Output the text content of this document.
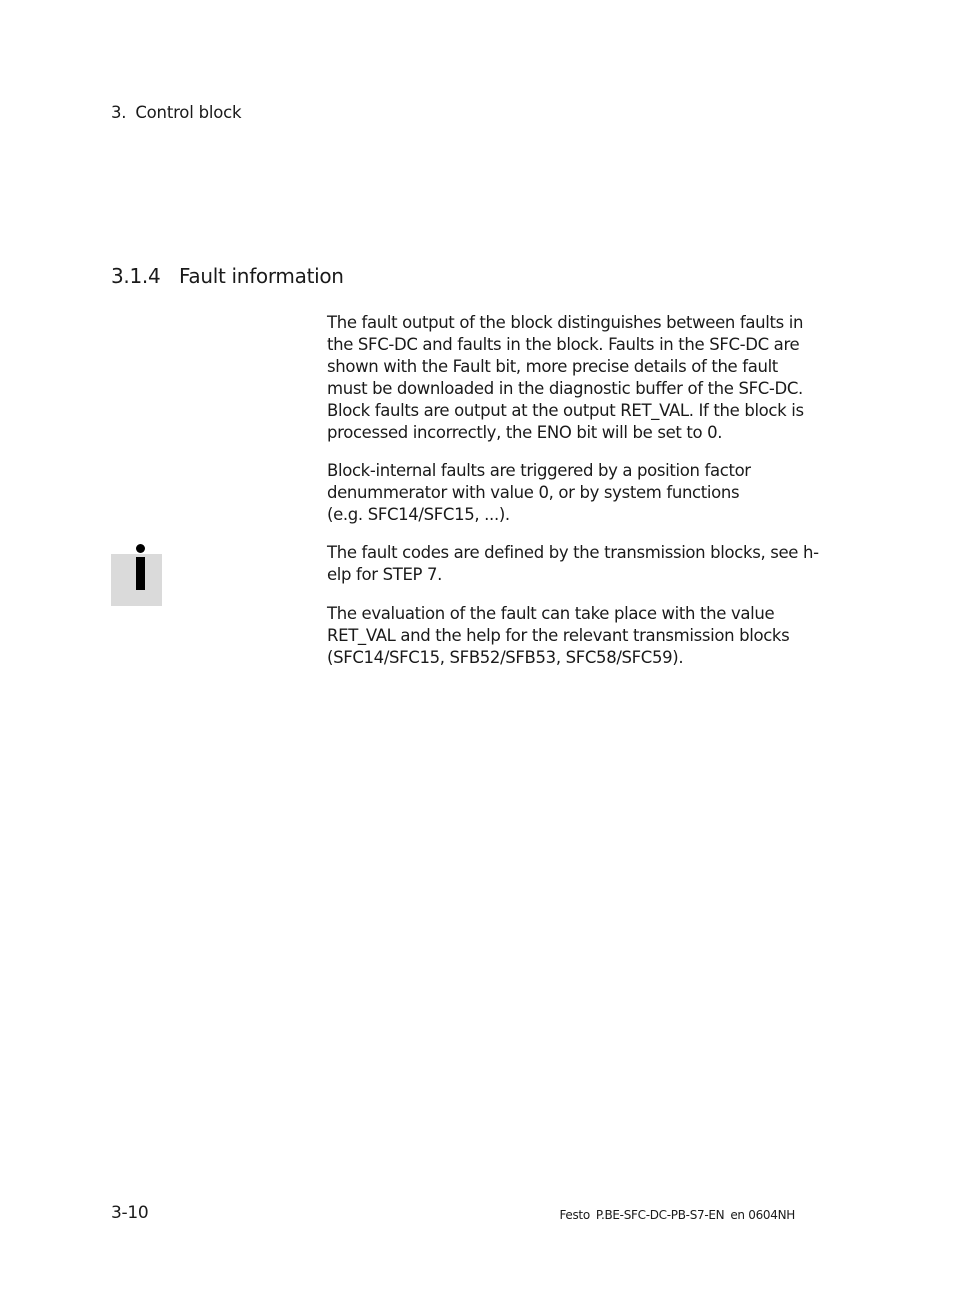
3. Control block
3.1.4 Fault information
The fault output of the block distinguishes between faults in
the SFC-DC and faults in the block. Faults in the SFC-DC are
shown with the Fault bit, more precise details of the fault
must be downloaded in the diagnostic buffer of the SFC-DC.
Block faults are output at the output RET_VAL. If the block is
processed incorrectly, the ENO bit will be set to 0.
Block-internal faults are triggered by a position factor
denummerator with value 0, or by system functions
(e.g. SFC14/SFC15, ...).
The fault codes are defined by the transmission blocks, see h-
elp for STEP 7.
The evaluation of the fault can take place with the value
RET_VAL and the help for the relevant transmission blocks
(SFC14/SFC15, SFB52/SFB53, SFC58/SFC59).
3-10	Festo P.BE-SFC-DC-PB-S7-EN en 0604NH
